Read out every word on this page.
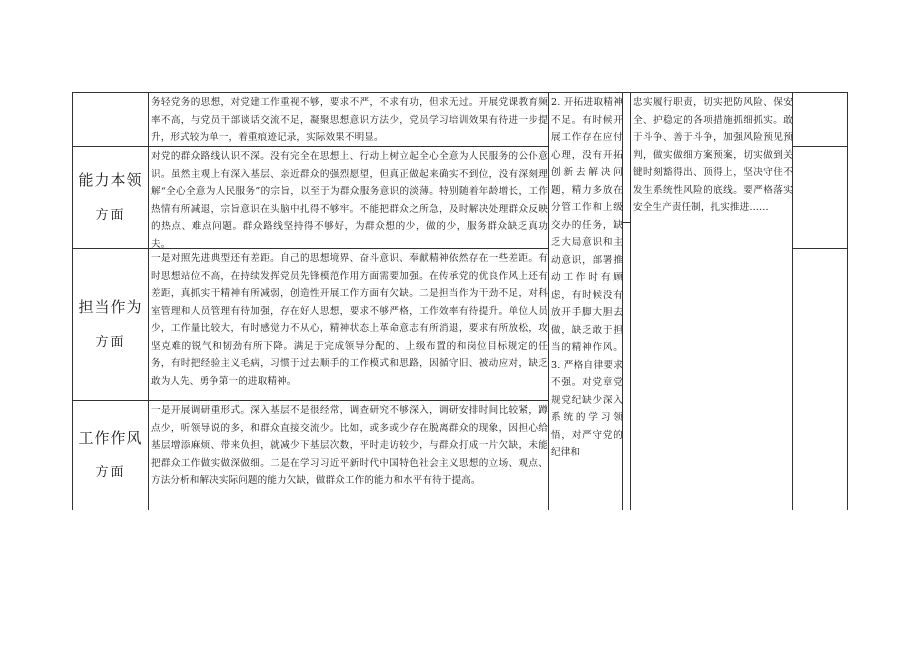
务轻党务的思想，对党建工作重视不够，要求不严，不求有功，但求无过。开展党课教育频率不高，与党员干部谈话交流不足，凝聚思想意识方法少，党员学习培训效果有待进一步提升，形式较为单一，着重痕迹记录，实际效果不明显。

能力本领
方面

对党的群众路线认识不深。没有完全在思想上、行动上树立起全心全意为人民服务的公仆意识。虽然主观上有深入基层、亲近群众的强烈愿望，但真正做起来确实不到位，没有深刻理解“全心全意为人民服务”的宗旨，以至于为群众服务意识的淡薄。特别随着年龄增长，工作热情有所减退，宗旨意识在头脑中扎得不够牢。不能把群众之所急，及时解决处理群众反映的热点、难点问题。群众路线坚持得不够好，为群众想的少，做的少，服务群众缺乏真功夫。

担当作为
方面

一是对照先进典型还有差距。自己的思想境界、奋斗意识、奉献精神依然存在一些差距。有时思想站位不高，在持续发挥党员先锋模范作用方面需要加强。在传承党的优良作风上还有差距，真抓实干精神有所减弱，创造性开展工作方面有欠缺。二是担当作为干劲不足，对科室管理和人员管理有待加强，存在好人思想，要求不够严格，工作效率有待提升。单位人员少，工作量比较大，有时感觉力不从心，精神状态上革命意志有所消退，要求有所放松，攻坚克难的锐气和韧劲有所下降。满足于完成领导分配的、上级布置的和岗位目标规定的任务，有时把经验主义毛病，习惯于过去顺手的工作模式和思路，因循守旧、被动应对，缺乏敢为人先、勇争第一的进取精神。

工作作风
方面

一是开展调研重形式。深入基层不是很经常，调查研究不够深入，调研安排时间比较紧，蹲点少，听领导说的多，和群众直接交流少。比如，或多或少存在脱离群众的现象，因担心给基层增添麻烦、带来负担，就减少下基层次数，平时走访较少，与群众打成一片欠缺，未能把群众工作做实做深做细。二是在学习习近平新时代中国特色社会主义思想的立场、观点、方法分析和解决实际问题的能力欠缺，做群众工作的能力和水平有待于提高。

2. 开拓进取精神不足。有时候开展工作存在应付心理，没有开拓创新去解决问题，精力多放在分管工作和上级交办的任务，缺乏大局意识和主动意识，部署推动工作时有顾虑，有时候没有放开手脚大胆去做，缺乏敢于担当的精神作风。3. 严格自律要求不强。对党章党规党纪缺少深入系统的学习领悟，对严守党的纪律和

忠实履行职责，切实把防风险、保安全、护稳定的各项措施抓细抓实。敢于斗争、善于斗争，加强风险预见预判，做实做细方案预案，切实做到关键时刻豁得出、顶得上，坚决守住不发生系统性风险的底线。要严格落实安全生产责任制，扎实推进……
